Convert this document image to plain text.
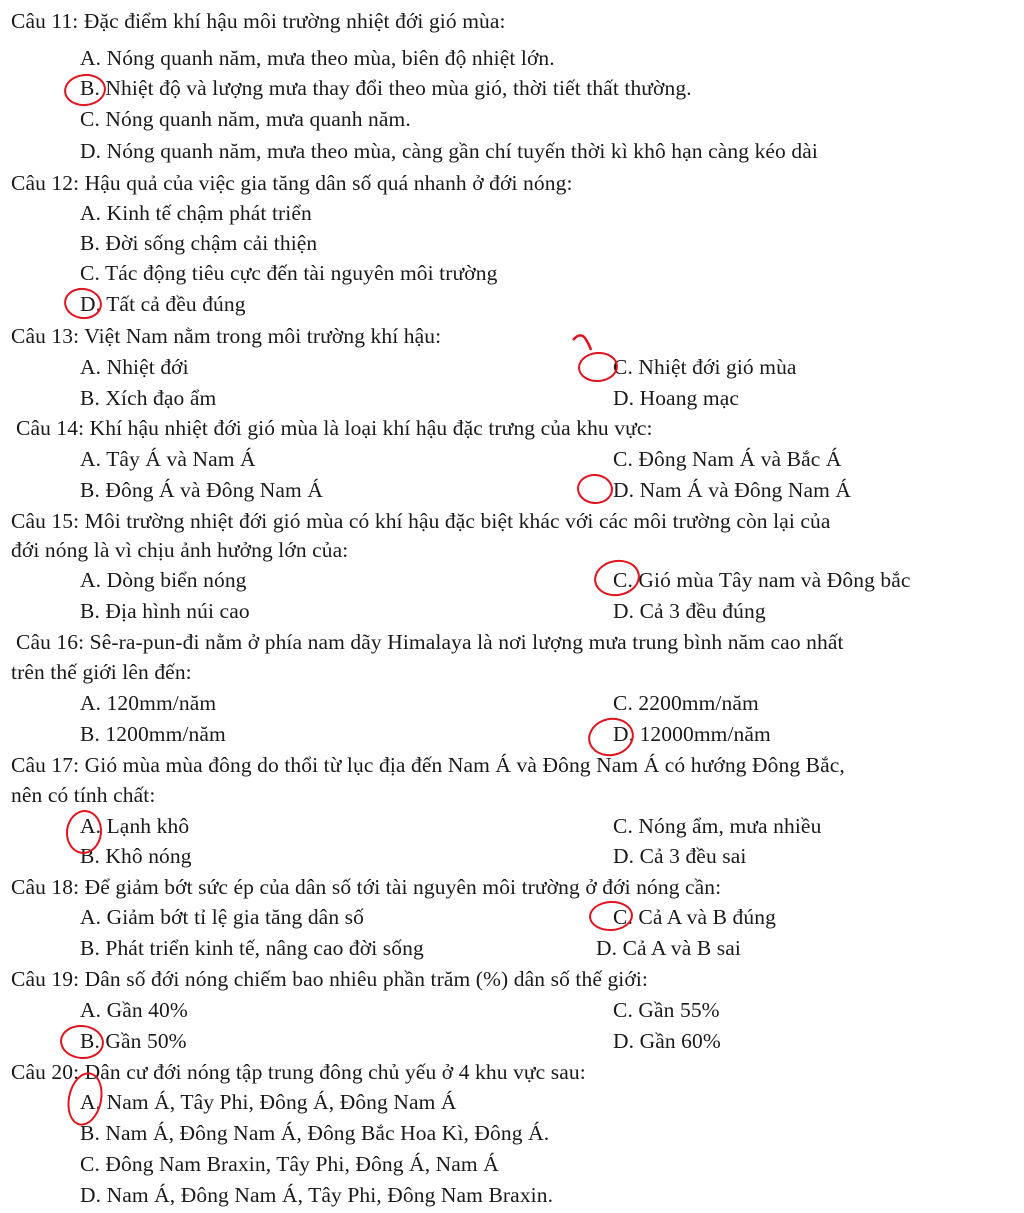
Câu 11: Đặc điểm khí hậu môi trường nhiệt đới gió mùa:
A. Nóng quanh năm, mưa theo mùa, biên độ nhiệt lớn.
B. Nhiệt độ và lượng mưa thay đổi theo mùa gió, thời tiết thất thường.
C. Nóng quanh năm, mưa quanh năm.
D. Nóng quanh năm, mưa theo mùa, càng gần chí tuyến thời kì khô hạn càng kéo dài
Câu 12: Hậu quả của việc gia tăng dân số quá nhanh ở đới nóng:
A. Kinh tế chậm phát triển
B. Đời sống chậm cải thiện
C. Tác động tiêu cực đến tài nguyên môi trường
D. Tất cả đều đúng
Câu 13: Việt Nam nằm trong môi trường khí hậu:
A. Nhiệt đới	C. Nhiệt đới gió mùa
B. Xích đạo ẩm	D. Hoang mạc
Câu 14: Khí hậu nhiệt đới gió mùa là loại khí hậu đặc trưng của khu vực:
A. Tây Á và Nam Á	C. Đông Nam Á và Bắc Á
B. Đông Á và Đông Nam Á	D. Nam Á và Đông Nam Á
Câu 15: Môi trường nhiệt đới gió mùa có khí hậu đặc biệt khác với các môi trường còn lại của
đới nóng là vì chịu ảnh hưởng lớn của:
A. Dòng biển nóng	C. Gió mùa Tây nam và Đông bắc
B. Địa hình núi cao	D. Cả 3 đều đúng
Câu 16: Sê-ra-pun-đi nằm ở phía nam dãy Himalaya là nơi lượng mưa trung bình năm cao nhất
trên thế giới lên đến:
A. 120mm/năm	C. 2200mm/năm
B. 1200mm/năm	D. 12000mm/năm
Câu 17: Gió mùa mùa đông do thổi từ lục địa đến Nam Á và Đông Nam Á có hướng Đông Bắc,
nên có tính chất:
A. Lạnh khô	C. Nóng ẩm, mưa nhiều
B. Khô nóng	D. Cả 3 đều sai
Câu 18: Để giảm bớt sức ép của dân số tới tài nguyên môi trường ở đới nóng cần:
A. Giảm bớt tỉ lệ gia tăng dân số	C. Cả A và B đúng
B. Phát triển kinh tế, nâng cao đời sống	D. Cả A và B sai
Câu 19: Dân số đới nóng chiếm bao nhiêu phần trăm (%) dân số thế giới:
A. Gần 40%	C. Gần 55%
B. Gần 50%	D. Gần 60%
Câu 20: Dân cư đới nóng tập trung đông chủ yếu ở 4 khu vực sau:
A. Nam Á, Tây Phi, Đông Á, Đông Nam Á
B. Nam Á, Đông Nam Á, Đông Bắc Hoa Kì, Đông Á.
C. Đông Nam Braxin, Tây Phi, Đông Á, Nam Á
D. Nam Á, Đông Nam Á, Tây Phi, Đông Nam Braxin.
